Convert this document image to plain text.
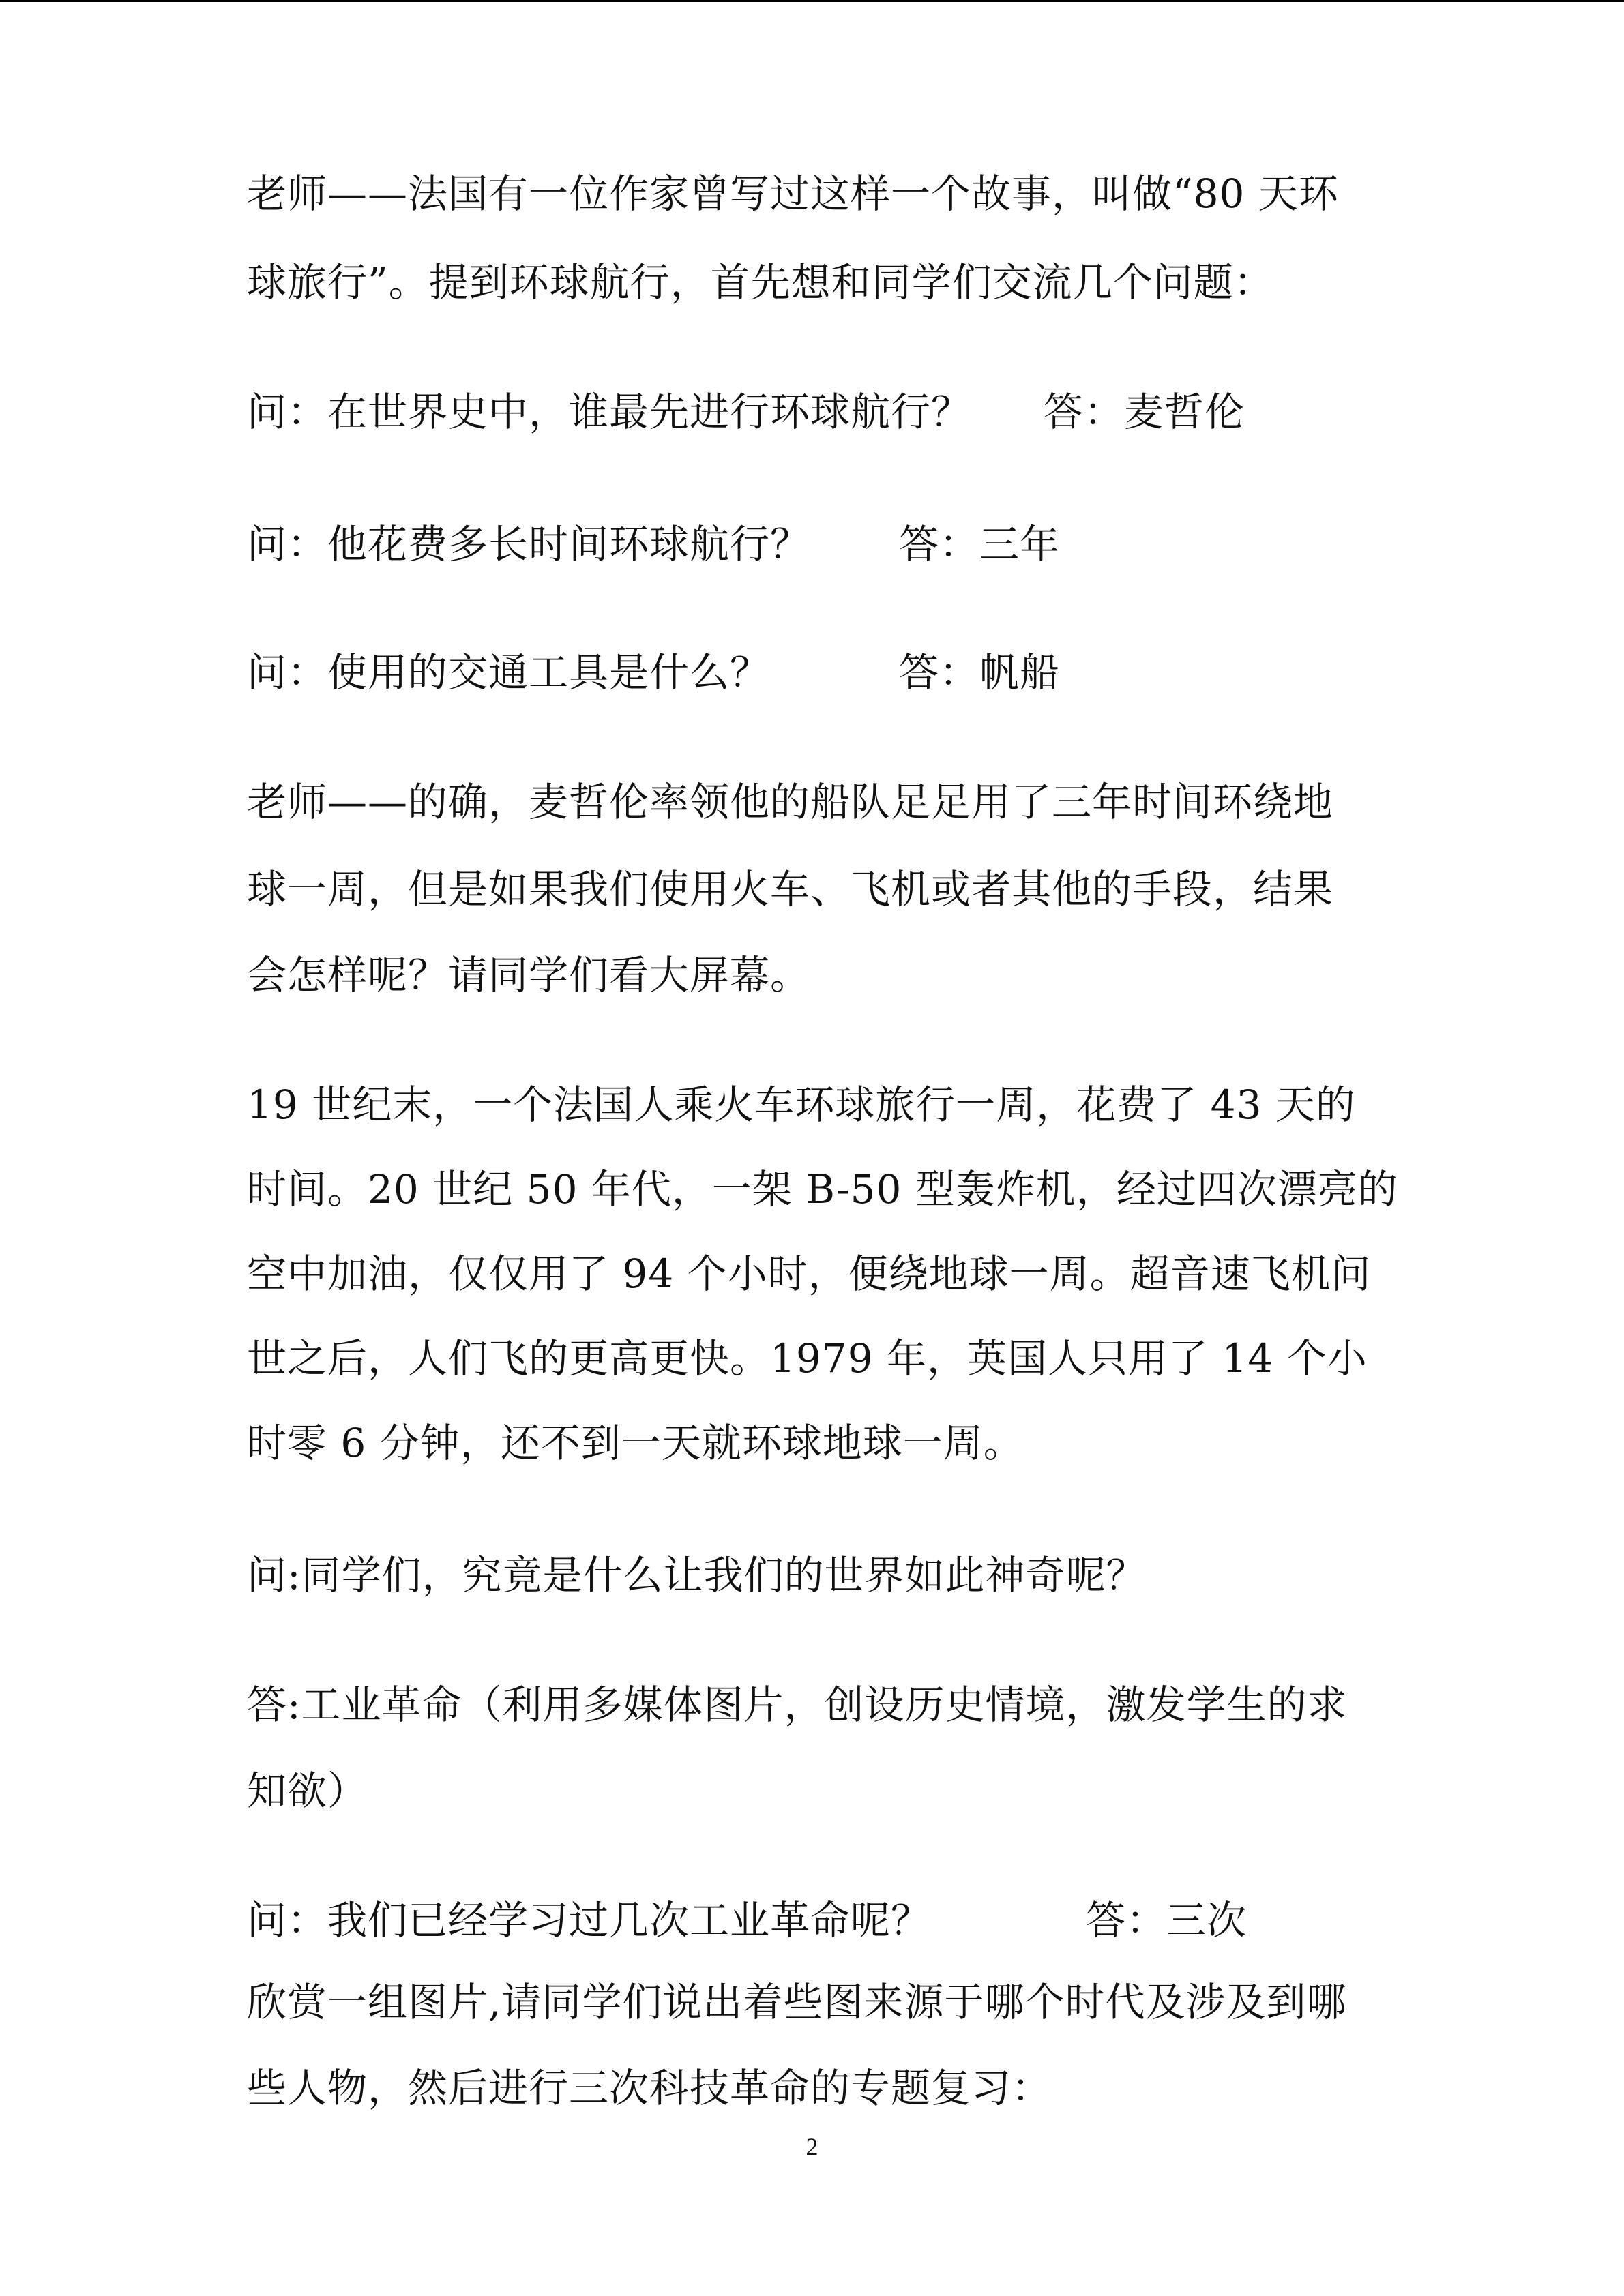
老师——法国有一位作家曾写过这样一个故事，叫做“80 天环
球旅行”。提到环球航行，首先想和同学们交流几个问题：
问：在世界史中，谁最先进行环球航行？ 答：麦哲伦
问：他花费多长时间环球航行？ 答：三年
问：使用的交通工具是什么？	答：帆船
老师——的确，麦哲伦率领他的船队足足用了三年时间环绕地
球一周，但是如果我们使用火车、飞机或者其他的手段，结果
会怎样呢？请同学们看大屏幕。
19 世纪末，一个法国人乘火车环球旅行一周，花费了 43 天的
时间。20 世纪 50 年代，一架 B-50 型轰炸机，经过四次漂亮的
空中加油，仅仅用了 94 个小时，便绕地球一周。超音速飞机问
世之后，人们飞的更高更快。1979 年，英国人只用了 14 个小
时零 6 分钟，还不到一天就环球地球一周。
问:同学们，究竟是什么让我们的世界如此神奇呢？
答:工业革命（利用多媒体图片，创设历史情境，激发学生的求
知欲）
问：我们已经学习过几次工业革命呢？	答：三次
欣赏一组图片,请同学们说出着些图来源于哪个时代及涉及到哪
些人物，然后进行三次科技革命的专题复习：
2
